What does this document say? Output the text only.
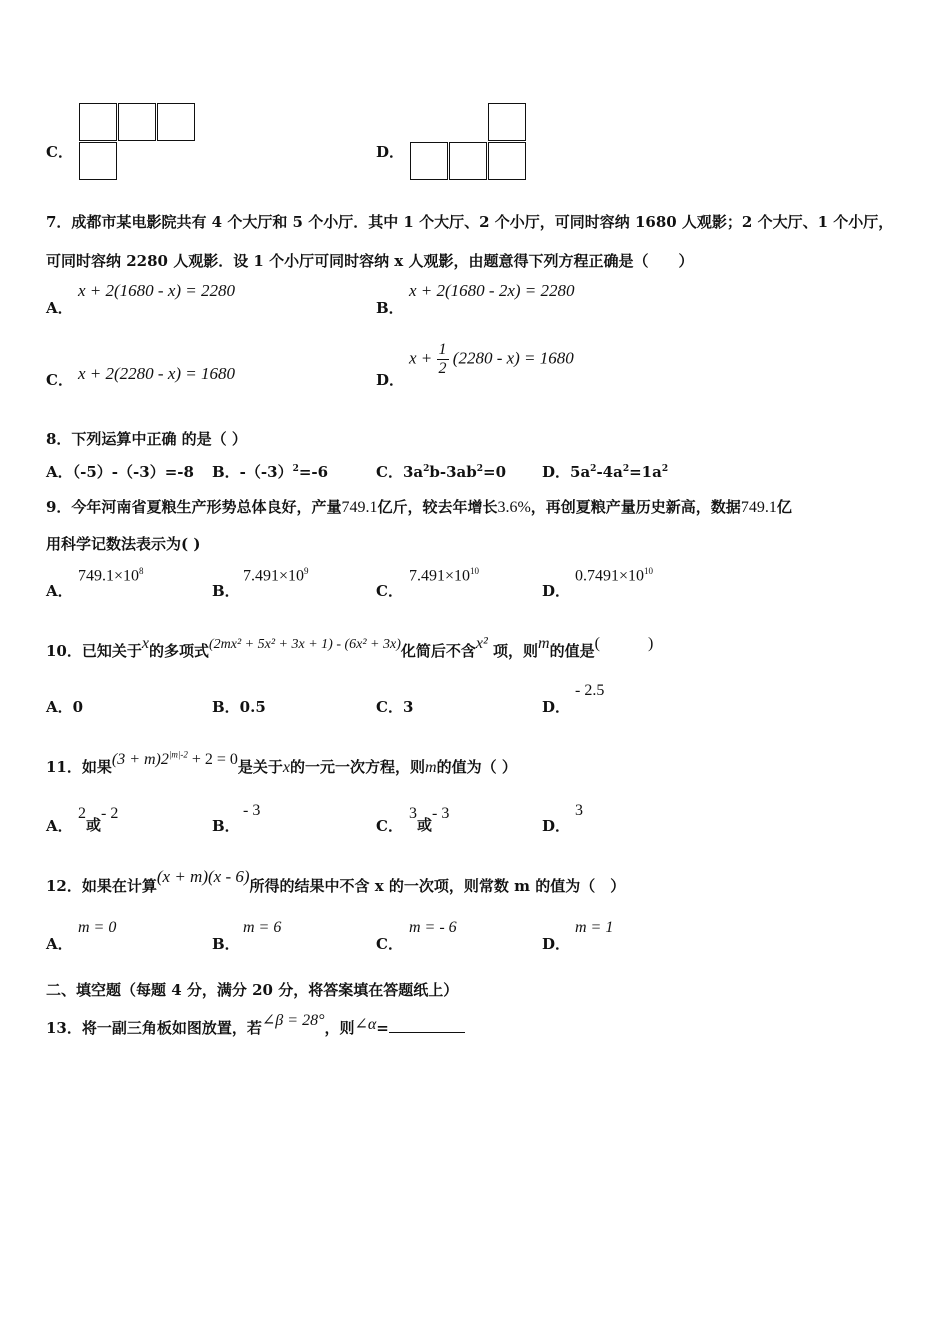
C．	D．
7．成都市某电影院共有 4 个大厅和 5 个小厅．其中 1 个大厅、2 个小厅，可同时容纳 1680 人观影；2 个大厅、1 个小厅，
可同时容纳 2280 人观影．设 1 个小厅可同时容纳 x 人观影，由题意得下列方程正确是（　　）
A．
x + 2(1680 - x) = 2280
B．
x + 2(1680 - 2x) = 2280
C． x + 2(2280 - x) = 1680	D．
$x + \frac{1}{2} (2280 - x) = 1680$
8．下列运算中正确 的是（ ）
A．（-5）-（-3）=-8 B．$-(-3)^2=-6$	C．$3a^2b-3ab^2=0$ D．$5a^2-4a^2=1a^2$
9．今年河南省夏粮生产形势总体良好，产量749.1亿斤，较去年增长3.6%，再创夏粮产量历史新高，数据749.1亿
用科学记数法表示为( )
A．
$749.1\times 10^8$
B．
$7.491\times 10^9$
C．
$7.491\times 10^{10}$
D．
$0.7491\times 10^{10}$
10．已知关于x的多项式(2mx² + 5x² + 3x + 1) - (6x² + 3x)化简后不含x² 项，则m的值是(　　　)
A．0	B．0.5	C．3	D．
- 2.5
11．如果$(3 + m)2^{|m|-2} + 2 = 0$是关于x的一元一次方程，则m的值为（ ）
A．
2或- 2
B．
- 3
C．
3或- 3
D．
3
12．如果在计算(x + m)(x - 6)所得的结果中不含 x 的一次项，则常数 m 的值为（　）
A．
m = 0
B．
m = 6
C．
m = - 6
D．
m = 1
二、填空题（每题 4 分，满分 20 分，将答案填在答题纸上）
13．将一副三角板如图放置，若∠β = 28°，则∠α=
